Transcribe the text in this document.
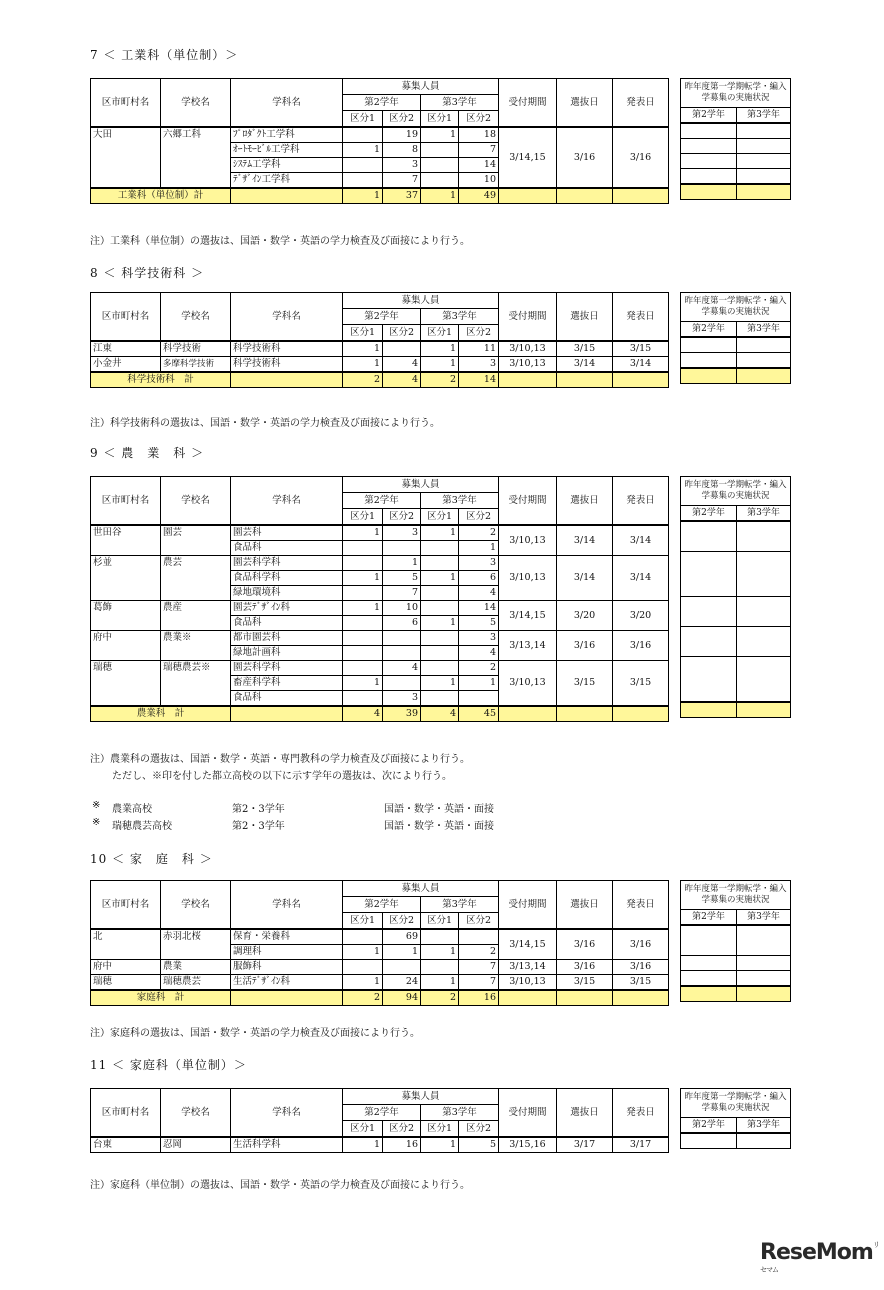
7 ＜ 工業科（単位制）＞
区市町村名	学校名	学科名	募集人員				受付期間	選抜日	発表日
			第2学年		第3学年				
			区分1	区分2	区分1	区分2			
大田	六郷工科	ﾌﾟﾛﾀﾞｸﾄ工学科		19	1	18	3/14,15	3/16	3/16
		ｵｰﾄﾓｰﾋﾞﾙ工学科	1	8		7			
		ｼｽﾃﾑ工学科		3		14			
		ﾃﾞｻﾞｲﾝ工学科		7		10			
工業科（単位制）計			1	37	1	49			
昨年度第一学期転学・編入学募集の実施状況	
第2学年	第3学年

注）工業科（単位制）の選抜は、国語・数学・英語の学力検査及び面接により行う。
8 ＜ 科学技術科 ＞
区市町村名	学校名	学科名	募集人員				受付期間	選抜日	発表日
			第2学年		第3学年				
			区分1	区分2	区分1	区分2			
江東	科学技術	科学技術科	1		1	11	3/10,13	3/15	3/15
小金井	多摩科学技術	科学技術科	1	4	1	3	3/10,13	3/14	3/14
科学技術科　計			2	4	2	14			
昨年度第一学期転学・編入学募集の実施状況	
第2学年	第3学年

注）科学技術科の選抜は、国語・数学・英語の学力検査及び面接により行う。
9 ＜ 農　業　科 ＞
区市町村名	学校名	学科名	募集人員				受付期間	選抜日	発表日
			第2学年		第3学年				
			区分1	区分2	区分1	区分2			
世田谷	園芸	園芸科	1	3	1	2	3/10,13	3/14	3/14
		食品科				1			
杉並	農芸	園芸科学科		1		3	3/10,13	3/14	3/14
		食品科学科	1	5	1	6			
		緑地環境科		7		4			
葛飾	農産	園芸ﾃﾞｻﾞｲﾝ科	1	10		14	3/14,15	3/20	3/20
		食品科		6	1	5			
府中	農業※	都市園芸科				3	3/13,14	3/16	3/16
		緑地計画科				4			
瑞穂	瑞穂農芸※	園芸科学科		4		2	3/10,13	3/15	3/15
		畜産科学科	1		1	1			
		食品科		3					
農業科　計			4	39	4	45			
昨年度第一学期転学・編入学募集の実施状況	
第2学年	第3学年

注）農業科の選抜は、国語・数学・英語・専門教科の学力検査及び面接により行う。
ただし、※印を付した都立高校の以下に示す学年の選抜は、次により行う。
※ 農業高校	第2・3学年	国語・数学・英語・面接
※ 瑞穂農芸高校	第2・3学年	国語・数学・英語・面接
10 ＜ 家　庭　科 ＞
区市町村名	学校名	学科名	募集人員				受付期間	選抜日	発表日
			第2学年		第3学年				
			区分1	区分2	区分1	区分2			
北	赤羽北桜	保育・栄養科		69			3/14,15	3/16	3/16
		調理科	1	1	1	2			
府中	農業	服飾科				7	3/13,14	3/16	3/16
瑞穂	瑞穂農芸	生活ﾃﾞｻﾞｲﾝ科	1	24	1	7	3/10,13	3/15	3/15
家庭科　計			2	94	2	16			
昨年度第一学期転学・編入学募集の実施状況	
第2学年	第3学年

注）家庭科の選抜は、国語・数学・英語の学力検査及び面接により行う。
11 ＜ 家庭科（単位制）＞
区市町村名	学校名	学科名	募集人員				受付期間	選抜日	発表日
			第2学年		第3学年				
			区分1	区分2	区分1	区分2			
台東	忍岡	生活科学科	1	16	1	5	3/15,16	3/17	3/17
昨年度第一学期転学・編入学募集の実施状況	
第2学年	第3学年

注）家庭科（単位制）の選抜は、国語・数学・英語の学力検査及び面接により行う。
ReseMom$^{リセマム}$
